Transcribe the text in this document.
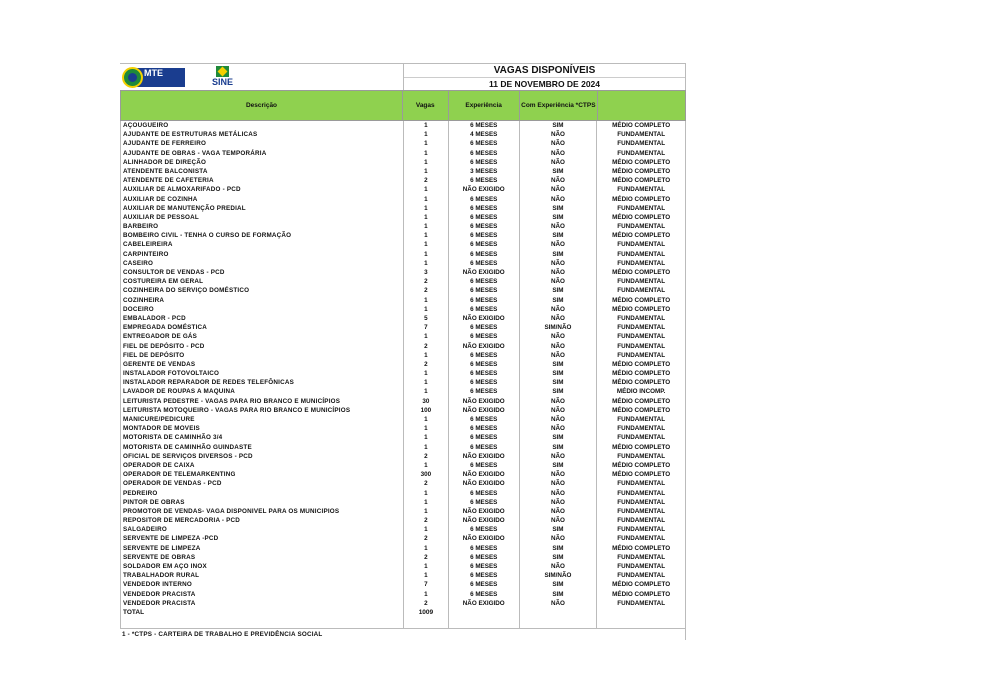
MTE
SINE
VAGAS DISPONÍVEIS
11 DE NOVEMBRO DE 2024
Descrição	Vagas	Experiência	Com Experiência *CTPS
AÇOUGUEIRO	1	6 MESES	SIM	MÉDIO COMPLETO
AJUDANTE DE ESTRUTURAS METÁLICAS	1	4 MESES	NÃO	FUNDAMENTAL
AJUDANTE DE FERREIRO	1	6 MESES	NÃO	FUNDAMENTAL
AJUDANTE DE OBRAS - VAGA TEMPORÁRIA	1	6 MESES	NÃO	FUNDAMENTAL
ALINHADOR DE DIREÇÃO	1	6 MESES	NÃO	MÉDIO COMPLETO
ATENDENTE BALCONISTA	1	3 MESES	SIM	MÉDIO COMPLETO
ATENDENTE DE CAFETERIA	2	6 MESES	NÃO	MÉDIO COMPLETO
AUXILIAR DE ALMOXARIFADO - PCD	1	NÃO EXIGIDO	NÃO	FUNDAMENTAL
AUXILIAR DE COZINHA	1	6 MESES	NÃO	MÉDIO COMPLETO
AUXILIAR DE MANUTENÇÃO PREDIAL	1	6 MESES	SIM	FUNDAMENTAL
AUXILIAR DE PESSOAL	1	6 MESES	SIM	MÉDIO COMPLETO
BARBEIRO	1	6 MESES	NÃO	FUNDAMENTAL
BOMBEIRO CIVIL - TENHA O CURSO DE FORMAÇÃO	1	6 MESES	SIM	MÉDIO COMPLETO
CABELEIREIRA	1	6 MESES	NÃO	FUNDAMENTAL
CARPINTEIRO	1	6 MESES	SIM	FUNDAMENTAL
CASEIRO	1	6 MESES	NÃO	FUNDAMENTAL
CONSULTOR DE VENDAS - PCD	3	NÃO EXIGIDO	NÃO	MÉDIO COMPLETO
COSTUREIRA EM GERAL	2	6 MESES	NÃO	FUNDAMENTAL
COZINHEIRA DO SERVIÇO DOMÉSTICO	2	6 MESES	SIM	FUNDAMENTAL
COZINHEIRA	1	6 MESES	SIM	MÉDIO COMPLETO
DOCEIRO	1	6 MESES	NÃO	MÉDIO COMPLETO
EMBALADOR - PCD	5	NÃO EXIGIDO	NÃO	FUNDAMENTAL
EMPREGADA DOMÉSTICA	7	6 MESES	SIM/NÃO	FUNDAMENTAL
ENTREGADOR DE GÁS	1	6 MESES	NÃO	FUNDAMENTAL
FIEL DE DEPÓSITO - PCD	2	NÃO EXIGIDO	NÃO	FUNDAMENTAL
FIEL DE DEPÓSITO	1	6 MESES	NÃO	FUNDAMENTAL
GERENTE DE VENDAS	2	6 MESES	SIM	MÉDIO COMPLETO
INSTALADOR FOTOVOLTAICO	1	6 MESES	SIM	MÉDIO COMPLETO
INSTALADOR REPARADOR DE REDES TELEFÔNICAS	1	6 MESES	SIM	MÉDIO COMPLETO
LAVADOR DE ROUPAS A MAQUINA	1	6 MESES	SIM	MÉDIO INCOMP.
LEITURISTA PEDESTRE - VAGAS PARA RIO BRANCO E MUNICÍPIOS	30	NÃO EXIGIDO	NÃO	MÉDIO COMPLETO
LEITURISTA MOTOQUEIRO - VAGAS PARA RIO BRANCO E MUNICÍPIOS	100	NÃO EXIGIDO	NÃO	MÉDIO COMPLETO
MANICURE/PEDICURE	1	6 MESES	NÃO	FUNDAMENTAL
MONTADOR DE MOVEIS	1	6 MESES	NÃO	FUNDAMENTAL
MOTORISTA DE CAMINHÃO 3/4	1	6 MESES	SIM	FUNDAMENTAL
MOTORISTA DE CAMINHÃO GUINDASTE	1	6 MESES	SIM	MÉDIO COMPLETO
OFICIAL DE SERVIÇOS DIVERSOS - PCD	2	NÃO EXIGIDO	NÃO	FUNDAMENTAL
OPERADOR DE CAIXA	1	6 MESES	SIM	MÉDIO COMPLETO
OPERADOR DE TELEMARKENTING	300	NÃO EXIGIDO	NÃO	MÉDIO COMPLETO
OPERADOR DE VENDAS - PCD	2	NÃO EXIGIDO	NÃO	FUNDAMENTAL
PEDREIRO	1	6 MESES	NÃO	FUNDAMENTAL
PINTOR DE OBRAS	1	6 MESES	NÃO	FUNDAMENTAL
PROMOTOR DE VENDAS- VAGA DISPONIVEL PARA OS MUNICIPIOS	1	NÃO EXIGIDO	NÃO	FUNDAMENTAL
REPOSITOR DE MERCADORIA - PCD	2	NÃO EXIGIDO	NÃO	FUNDAMENTAL
SALGADEIRO	1	6 MESES	SIM	FUNDAMENTAL
SERVENTE DE LIMPEZA -PCD	2	NÃO EXIGIDO	NÃO	FUNDAMENTAL
SERVENTE DE LIMPEZA	1	6 MESES	SIM	MÉDIO COMPLETO
SERVENTE DE OBRAS	2	6 MESES	SIM	FUNDAMENTAL
SOLDADOR EM AÇO INOX	1	6 MESES	NÃO	FUNDAMENTAL
TRABALHADOR RURAL	1	6 MESES	SIM/NÃO	FUNDAMENTAL
VENDEDOR INTERNO	7	6 MESES	SIM	MÉDIO COMPLETO
VENDEDOR PRACISTA	1	6 MESES	SIM	MÉDIO COMPLETO
VENDEDOR PRACISTA	2	NÃO EXIGIDO	NÃO	FUNDAMENTAL
TOTAL	1009
1 - *CTPS - CARTEIRA DE TRABALHO E PREVIDÊNCIA SOCIAL
